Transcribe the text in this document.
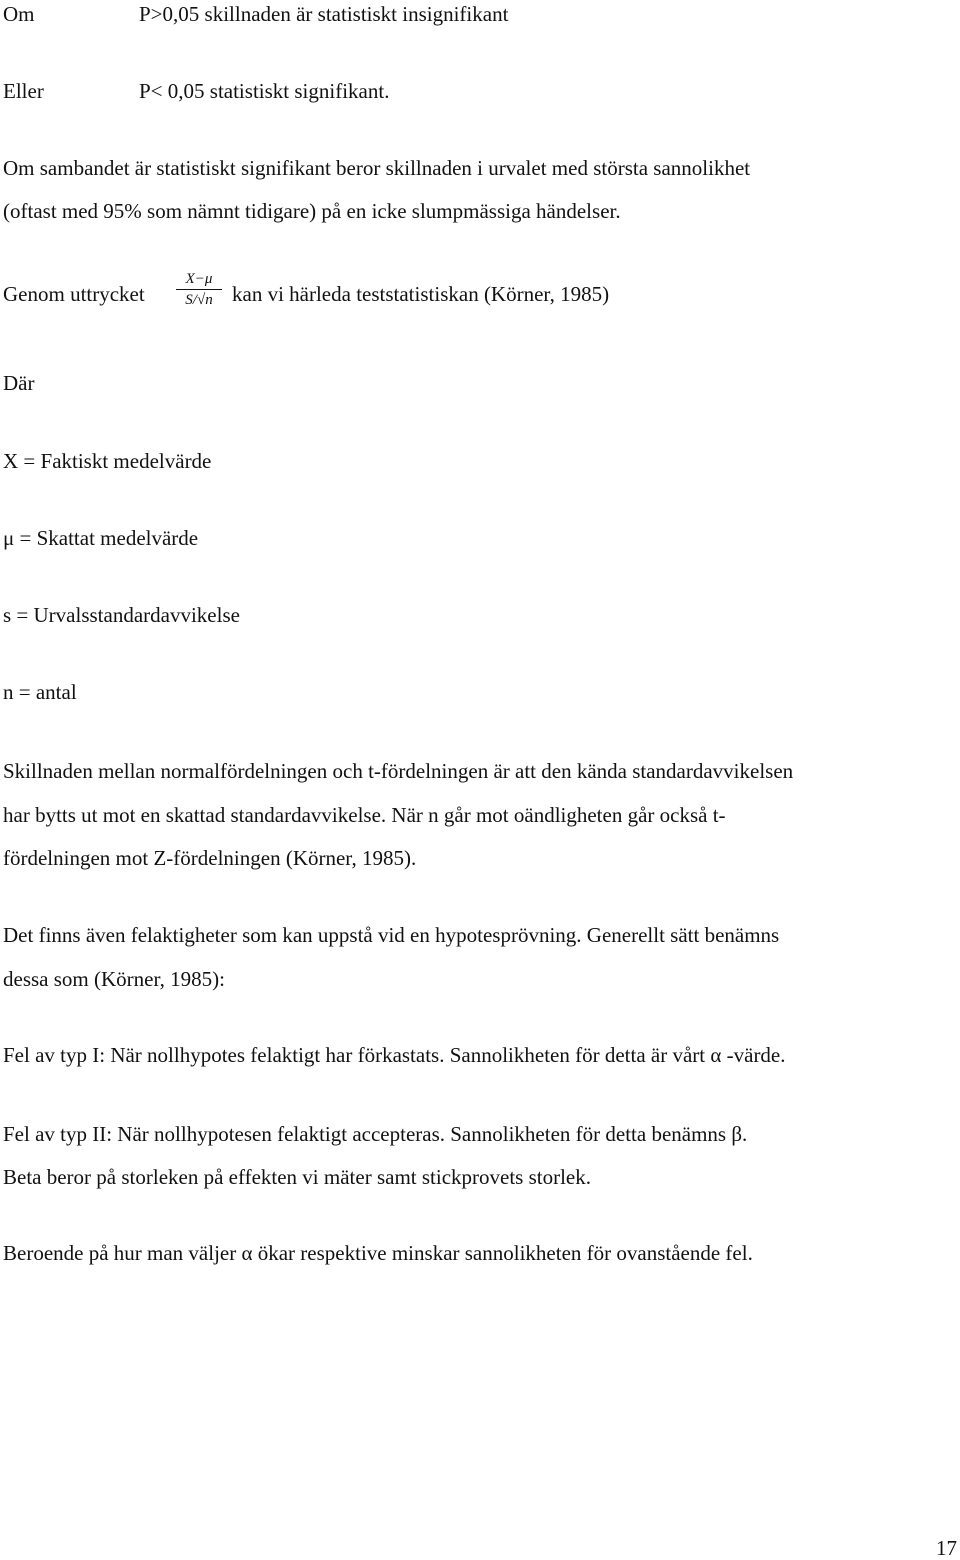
Om	P>0,05 skillnaden är statistiskt insignifikant
Eller	P< 0,05 statistiskt signifikant.
Om sambandet är statistiskt signifikant beror skillnaden i urvalet med största sannolikhet
(oftast med 95% som nämnt tidigare) på en icke slumpmässiga händelser.
Genom uttrycket $\frac{X-\mu}{S/√n}$ kan vi härleda teststatistiskan (Körner, 1985)
Där
X = Faktiskt medelvärde
μ = Skattat medelvärde
s = Urvalsstandardavvikelse
n = antal
Skillnaden mellan normalfördelningen och t-fördelningen är att den kända standardavvikelsen
har bytts ut mot en skattad standardavvikelse. När n går mot oändligheten går också t-
fördelningen mot Z-fördelningen (Körner, 1985).
Det finns även felaktigheter som kan uppstå vid en hypotesprövning. Generellt sätt benämns
dessa som (Körner, 1985):
Fel av typ I: När nollhypotes felaktigt har förkastats. Sannolikheten för detta är vårt α -värde.
Fel av typ II: När nollhypotesen felaktigt accepteras. Sannolikheten för detta benämns β.
Beta beror på storleken på effekten vi mäter samt stickprovets storlek.
Beroende på hur man väljer α ökar respektive minskar sannolikheten för ovanstående fel.
17
